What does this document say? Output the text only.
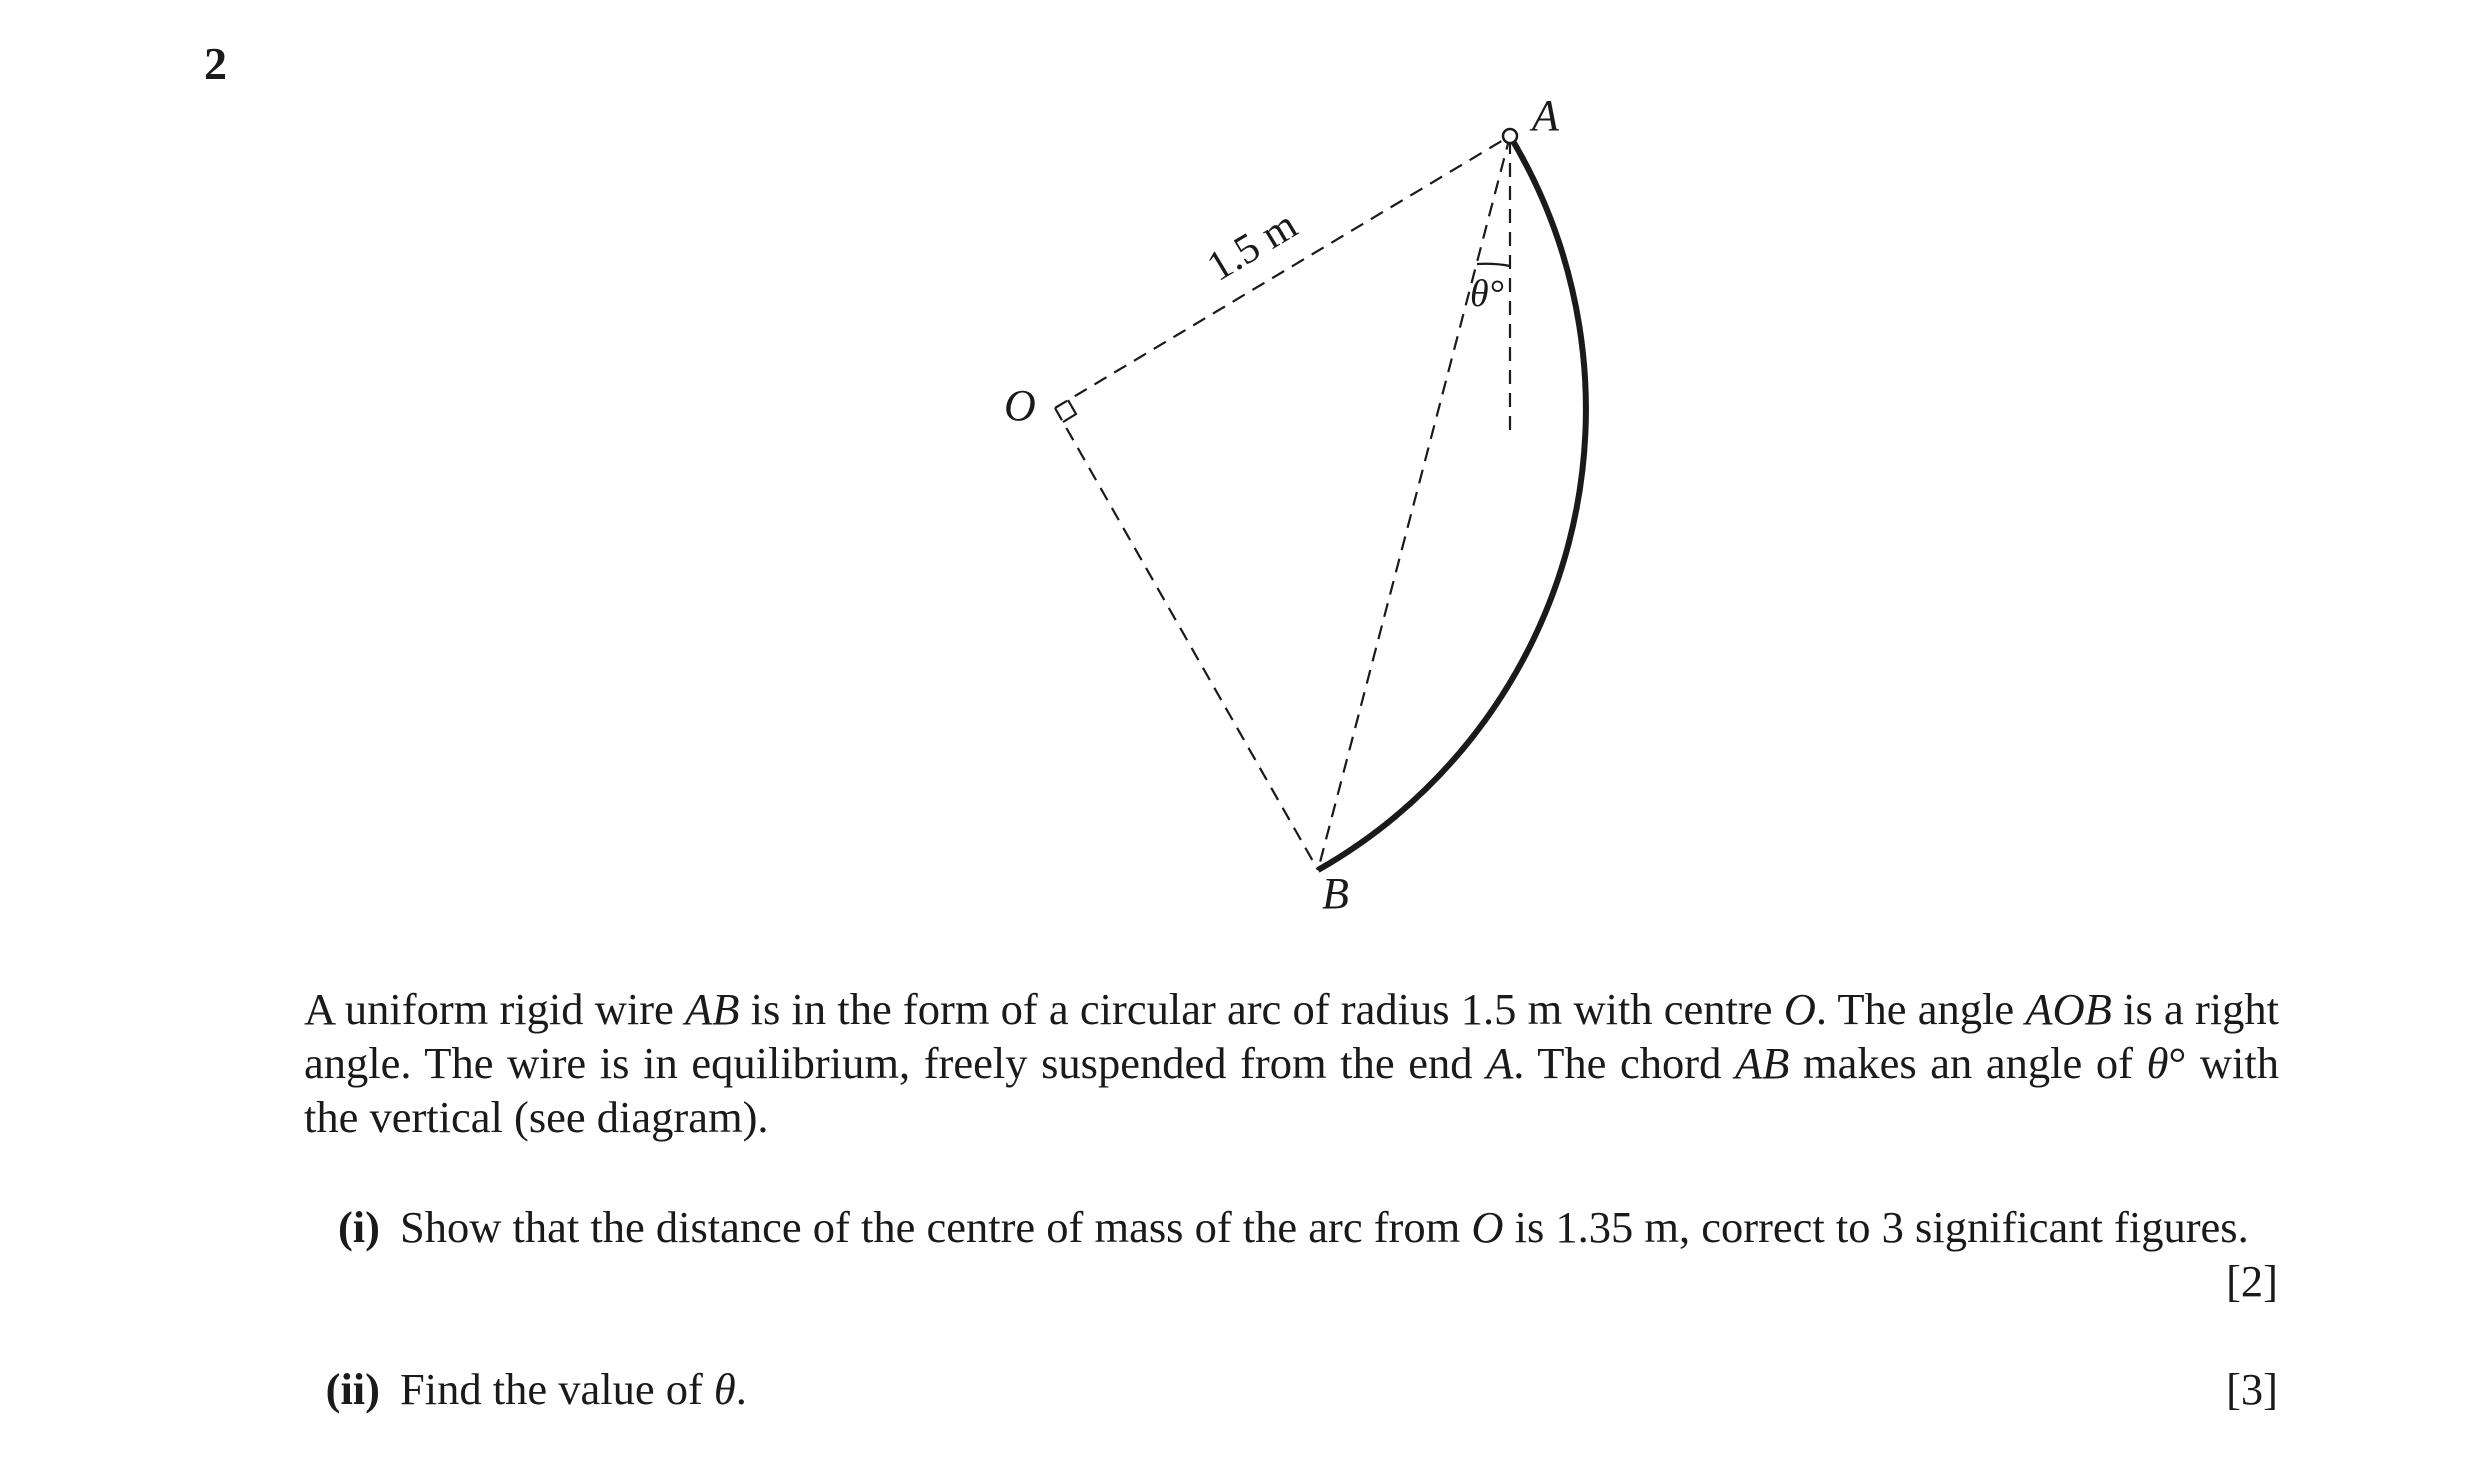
2
A
B
O
1.5 m
θ°
A uniform rigid wire AB is in the form of a circular arc of radius 1.5 m with centre O. The angle AOB is a right angle. The wire is in equilibrium, freely suspended from the end A. The chord AB makes an angle of θ° with the vertical (see diagram).
(i) Show that the distance of the centre of mass of the arc from O is 1.35 m, correct to 3 significant figures.
[2]
(ii) Find the value of θ.	[3]
